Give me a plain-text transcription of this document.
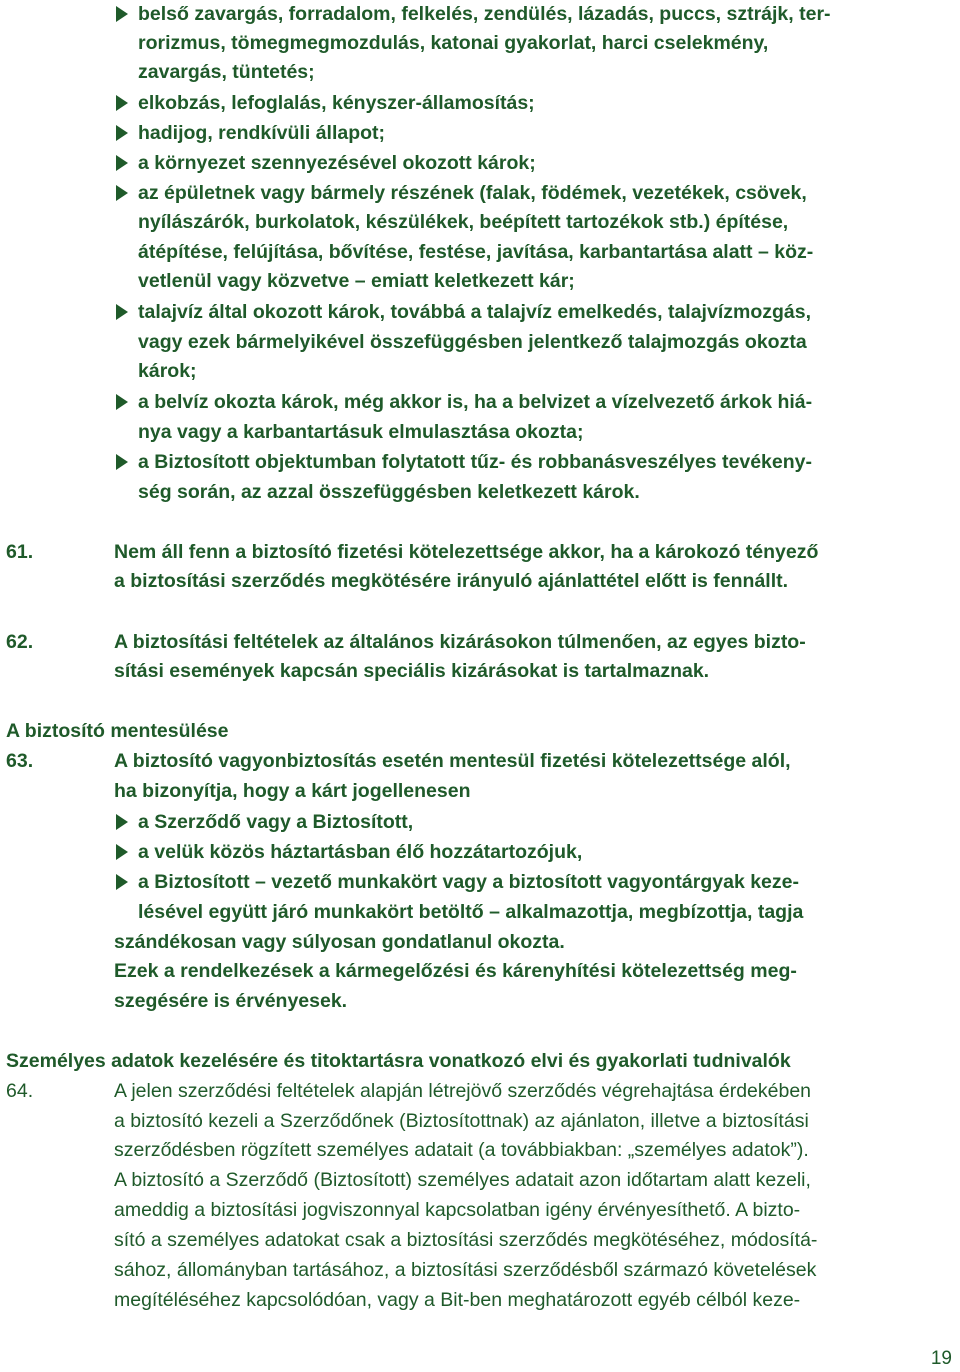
belső zavargás, forradalom, felkelés, zendülés, lázadás, puccs, sztrájk, ter-
rorizmus, tömegmegmozdulás, katonai gyakorlat, harci cselekmény,
zavargás, tüntetés;
elkobzás, lefoglalás, kényszer-államosítás;
hadijog, rendkívüli állapot;
a környezet szennyezésével okozott károk;
az épületnek vagy bármely részének (falak, födémek, vezetékek, csövek,
nyílászárók, burkolatok, készülékek, beépített tartozékok stb.) építése,
átépítése, felújítása, bővítése, festése, javítása, karbantartása alatt – köz-
vetlenül vagy közvetve – emiatt keletkezett kár;
talajvíz által okozott károk, továbbá a talajvíz emelkedés, talajvízmozgás,
vagy ezek bármelyikével összefüggésben jelentkező talajmozgás okozta
károk;
a belvíz okozta károk, még akkor is, ha a belvizet a vízelvezető árkok hiá-
nya vagy a karbantartásuk elmulasztása okozta;
a Biztosított objektumban folytatott tűz- és robbanásveszélyes tevékeny-
ség során, az azzal összefüggésben keletkezett károk.
61.	Nem áll fenn a biztosító fizetési kötelezettsége akkor, ha a károkozó tényező
a biztosítási szerződés megkötésére irányuló ajánlattétel előtt is fennállt.
62.	A biztosítási feltételek az általános kizárásokon túlmenően, az egyes bizto-
sítási események kapcsán speciális kizárásokat is tartalmaznak.
A biztosító mentesülése
63.	A biztosító vagyonbiztosítás esetén mentesül fizetési kötelezettsége alól,
ha bizonyítja, hogy a kárt jogellenesen
a Szerződő vagy a Biztosított,
a velük közös háztartásban élő hozzátartozójuk,
a Biztosított – vezető munkakört vagy a biztosított vagyontárgyak keze-
lésével együtt járó munkakört betöltő – alkalmazottja, megbízottja, tagja
szándékosan vagy súlyosan gondatlanul okozta.
Ezek a rendelkezések a kármegelőzési és kárenyhítési kötelezettség meg-
szegésére is érvényesek.
Személyes adatok kezelésére és titoktartásra vonatkozó elvi és gyakorlati tudnivalók
64.	A jelen szerződési feltételek alapján létrejövő szerződés végrehajtása érdekében
a biztosító kezeli a Szerződőnek (Biztosítottnak) az ajánlaton, illetve a biztosítási
szerződésben rögzített személyes adatait (a továbbiakban: „személyes adatok”).
A biztosító a Szerződő (Biztosított) személyes adatait azon időtartam alatt kezeli,
ameddig a biztosítási jogviszonnyal kapcsolatban igény érvényesíthető. A bizto-
sító a személyes adatokat csak a biztosítási szerződés megkötéséhez, módosítá-
sához, állományban tartásához, a biztosítási szerződésből származó követelések
megítéléséhez kapcsolódóan, vagy a Bit-ben meghatározott egyéb célból keze-
19
